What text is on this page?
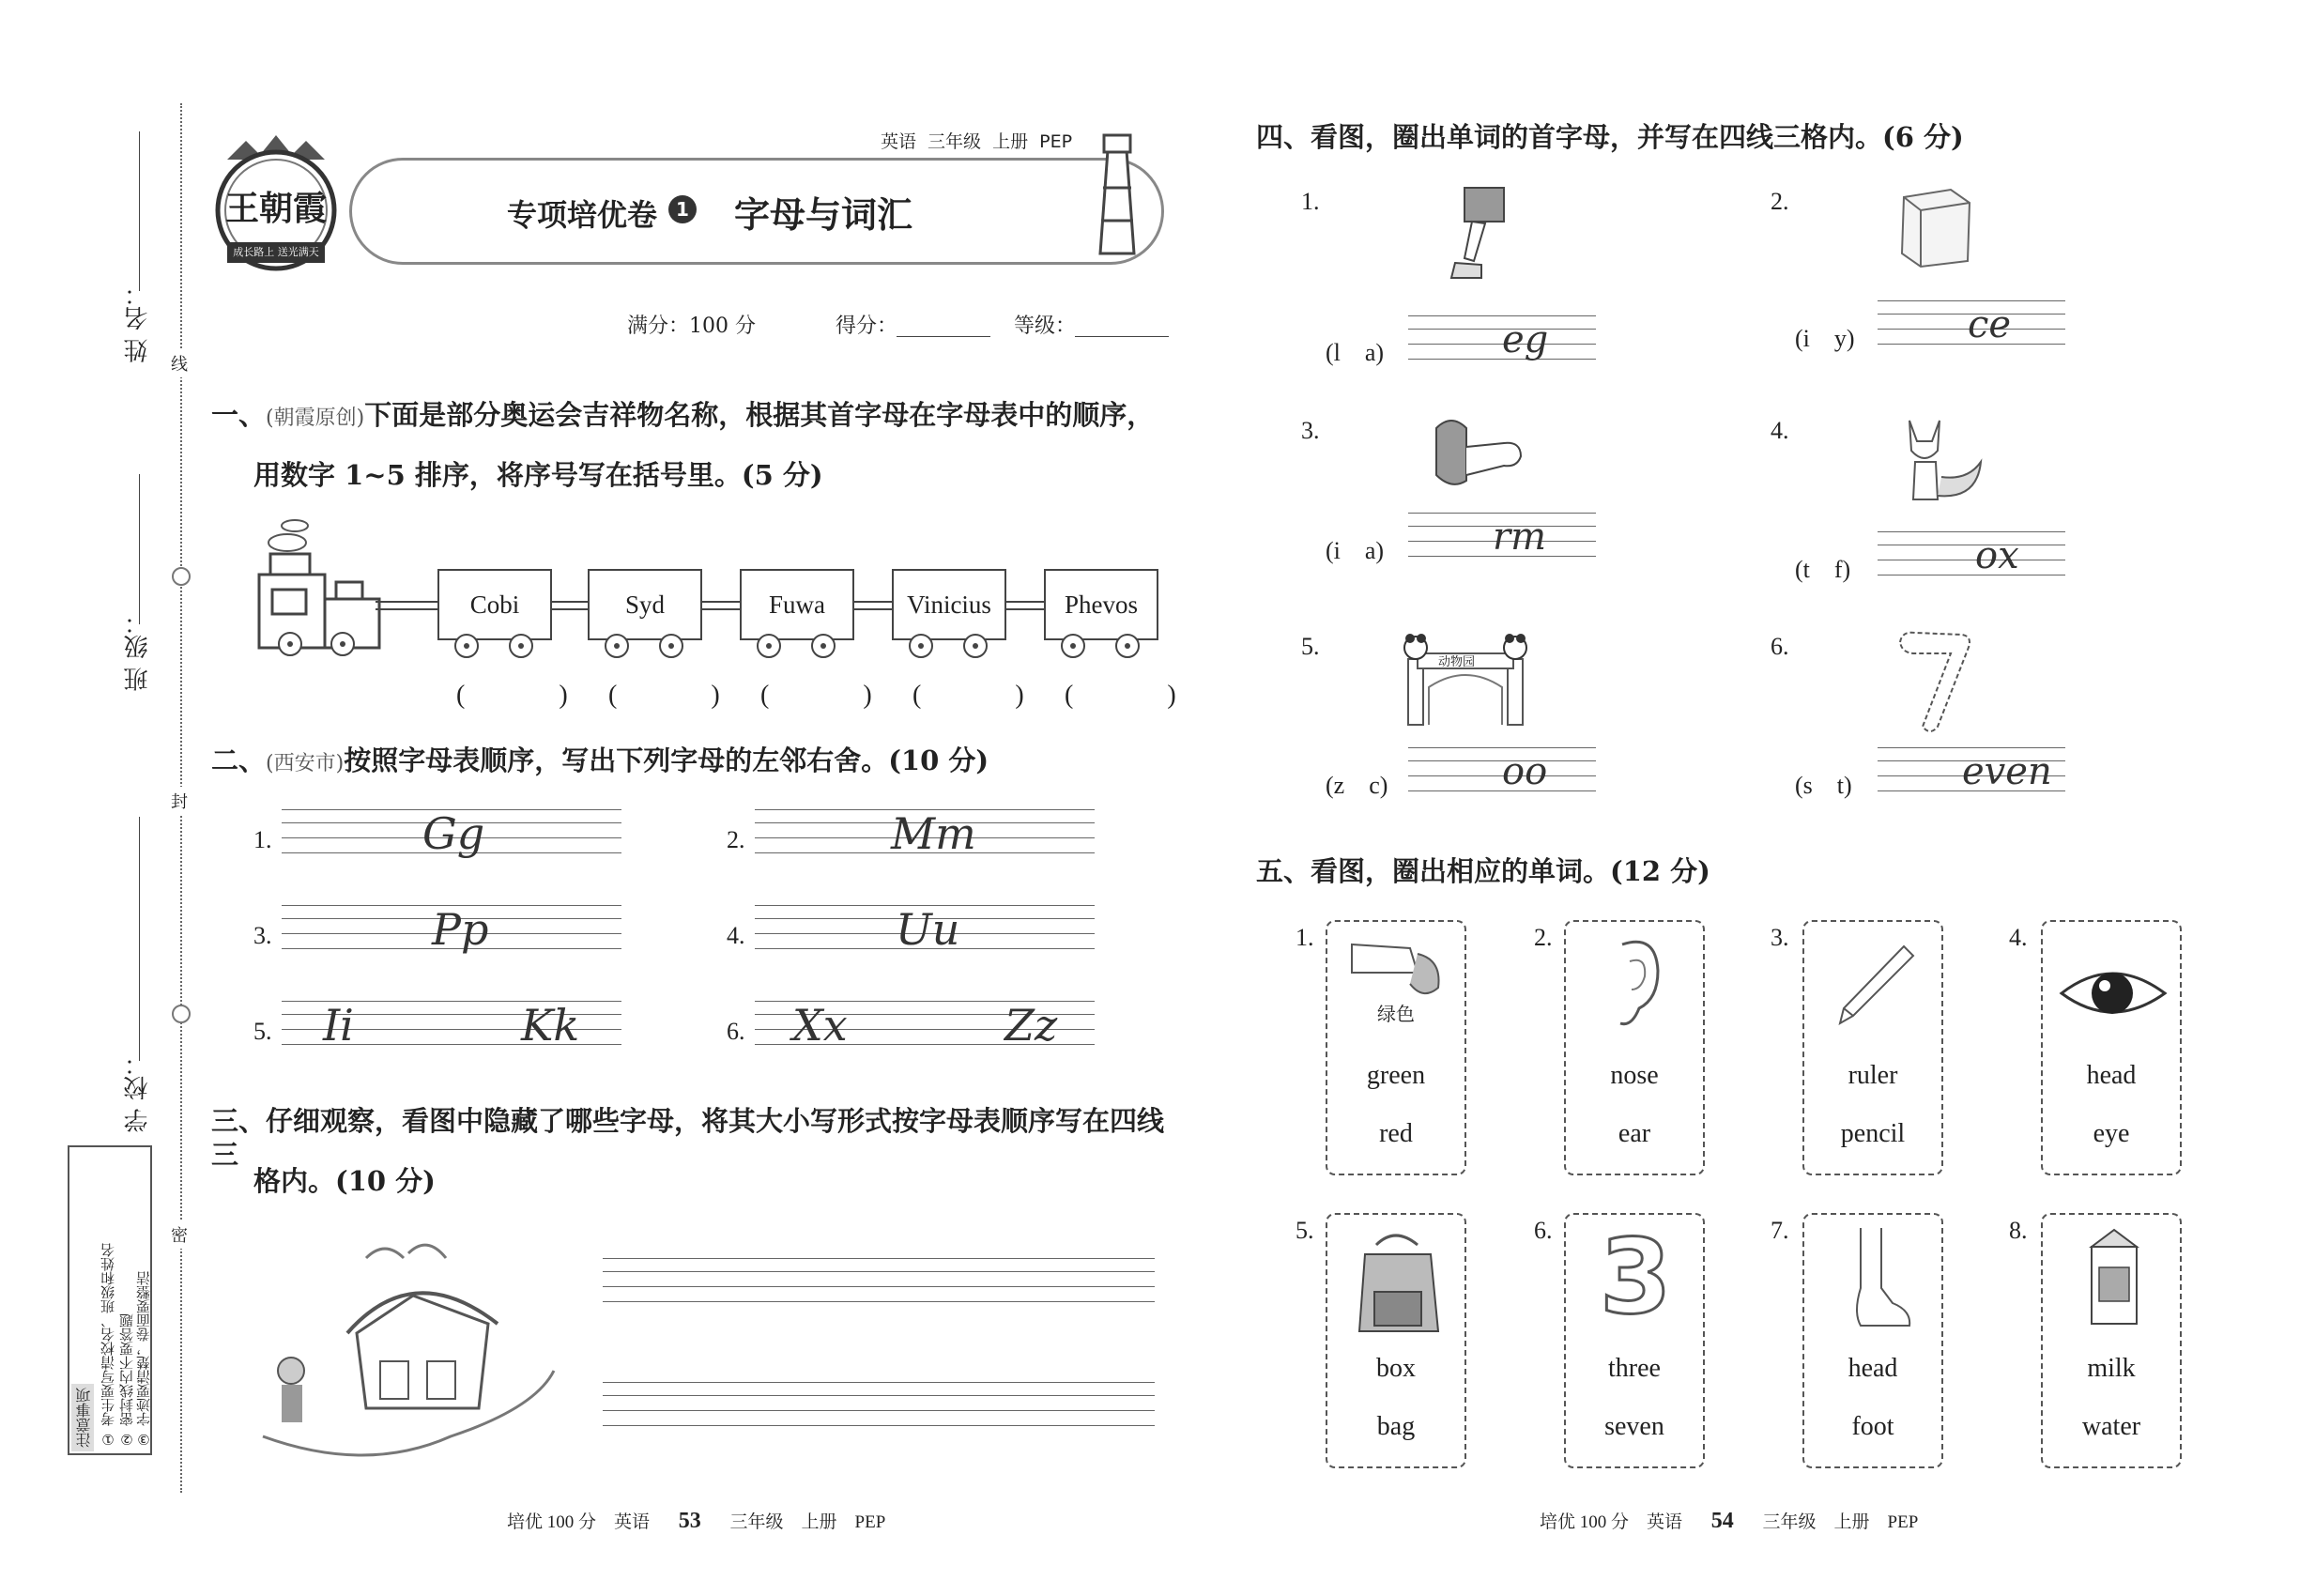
线
封
密
姓 名：
班 级：
学 校：
注意事项 ① 考生要写清校名、班级和姓名 ② 密封线内不要答题 ③ 字迹要清楚，卷面要整洁
王朝霞
成长路上 送光满天
英语 三年级 上册 PEP
专项培优卷	1 字母与词汇
满分：100 分	得分：	等级：
一、(朝霞原创)下面是部分奥运会吉祥物名称，根据其首字母在字母表中的顺序，
用数字 1~5 排序，将序号写在括号里。(5 分)
Cobi	Syd	Fuwa	Vinicius	Phevos
(　) (　) (　) (　) (　)
二、(西安市)按照字母表顺序，写出下列字母的左邻右舍。(10 分)
1.	Gg	2.	Mm
3.	Pp	4.	Uu
5. Ii	Kk	6. Xx	Zz
三、仔细观察，看图中隐藏了哪些字母，将其大小写形式按字母表顺序写在四线三
格内。(10 分)
培优 100 分　英语 53 三年级　上册　PEP
四、看图，圈出单词的首字母，并写在四线三格内。(6 分)
1.
(l　a)	eg
2.
(i　y)	ce
3.
(i　a)	rm
4.
(t　f)	ox
5.
动物园
(z　c)	oo
6.
(s　t)	even
五、看图，圈出相应的单词。(12 分)
1.
绿色
green
red
2.
nose
ear
3.
ruler
pencil
4.
head
eye
5.
box
bag
6. 3
three
seven
7.
head
foot
8.
milk
water
培优 100 分　英语 54 三年级　上册　PEP
